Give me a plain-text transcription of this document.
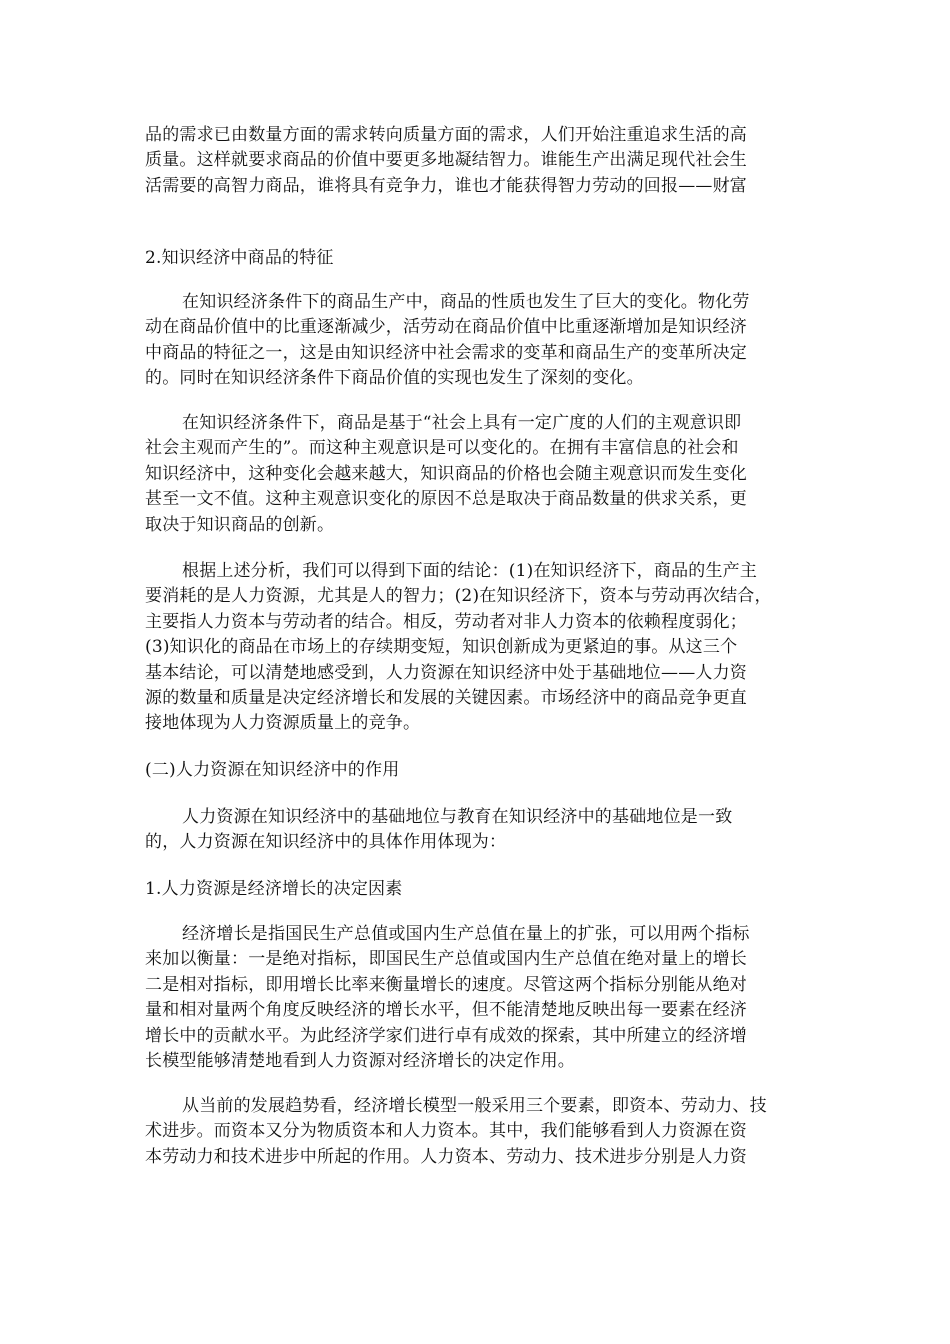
品的需求已由数量方面的需求转向质量方面的需求，人们开始注重追求生活的高
质量。这样就要求商品的价值中要更多地凝结智力。谁能生产出满足现代社会生
活需要的高智力商品，谁将具有竞争力，谁也才能获得智力劳动的回报——财富

2.知识经济中商品的特征

在知识经济条件下的商品生产中，商品的性质也发生了巨大的变化。物化劳
动在商品价值中的比重逐渐减少，活劳动在商品价值中比重逐渐增加是知识经济
中商品的特征之一，这是由知识经济中社会需求的变革和商品生产的变革所决定
的。同时在知识经济条件下商品价值的实现也发生了深刻的变化。

在知识经济条件下，商品是基于“社会上具有一定广度的人们的主观意识即
社会主观而产生的”。而这种主观意识是可以变化的。在拥有丰富信息的社会和
知识经济中，这种变化会越来越大，知识商品的价格也会随主观意识而发生变化
甚至一文不值。这种主观意识变化的原因不总是取决于商品数量的供求关系，更
取决于知识商品的创新。

根据上述分析，我们可以得到下面的结论：(1)在知识经济下，商品的生产主
要消耗的是人力资源，尤其是人的智力；(2)在知识经济下，资本与劳动再次结合，
主要指人力资本与劳动者的结合。相反，劳动者对非人力资本的依赖程度弱化；
(3)知识化的商品在市场上的存续期变短，知识创新成为更紧迫的事。从这三个
基本结论，可以清楚地感受到，人力资源在知识经济中处于基础地位——人力资
源的数量和质量是决定经济增长和发展的关键因素。市场经济中的商品竞争更直
接地体现为人力资源质量上的竞争。

(二)人力资源在知识经济中的作用

人力资源在知识经济中的基础地位与教育在知识经济中的基础地位是一致
的，人力资源在知识经济中的具体作用体现为：

1.人力资源是经济增长的决定因素

经济增长是指国民生产总值或国内生产总值在量上的扩张，可以用两个指标
来加以衡量：一是绝对指标，即国民生产总值或国内生产总值在绝对量上的增长
二是相对指标，即用增长比率来衡量增长的速度。尽管这两个指标分别能从绝对
量和相对量两个角度反映经济的增长水平，但不能清楚地反映出每一要素在经济
增长中的贡献水平。为此经济学家们进行卓有成效的探索，其中所建立的经济增
长模型能够清楚地看到人力资源对经济增长的决定作用。

从当前的发展趋势看，经济增长模型一般采用三个要素，即资本、劳动力、技
术进步。而资本又分为物质资本和人力资本。其中，我们能够看到人力资源在资
本劳动力和技术进步中所起的作用。人力资本、劳动力、技术进步分别是人力资
